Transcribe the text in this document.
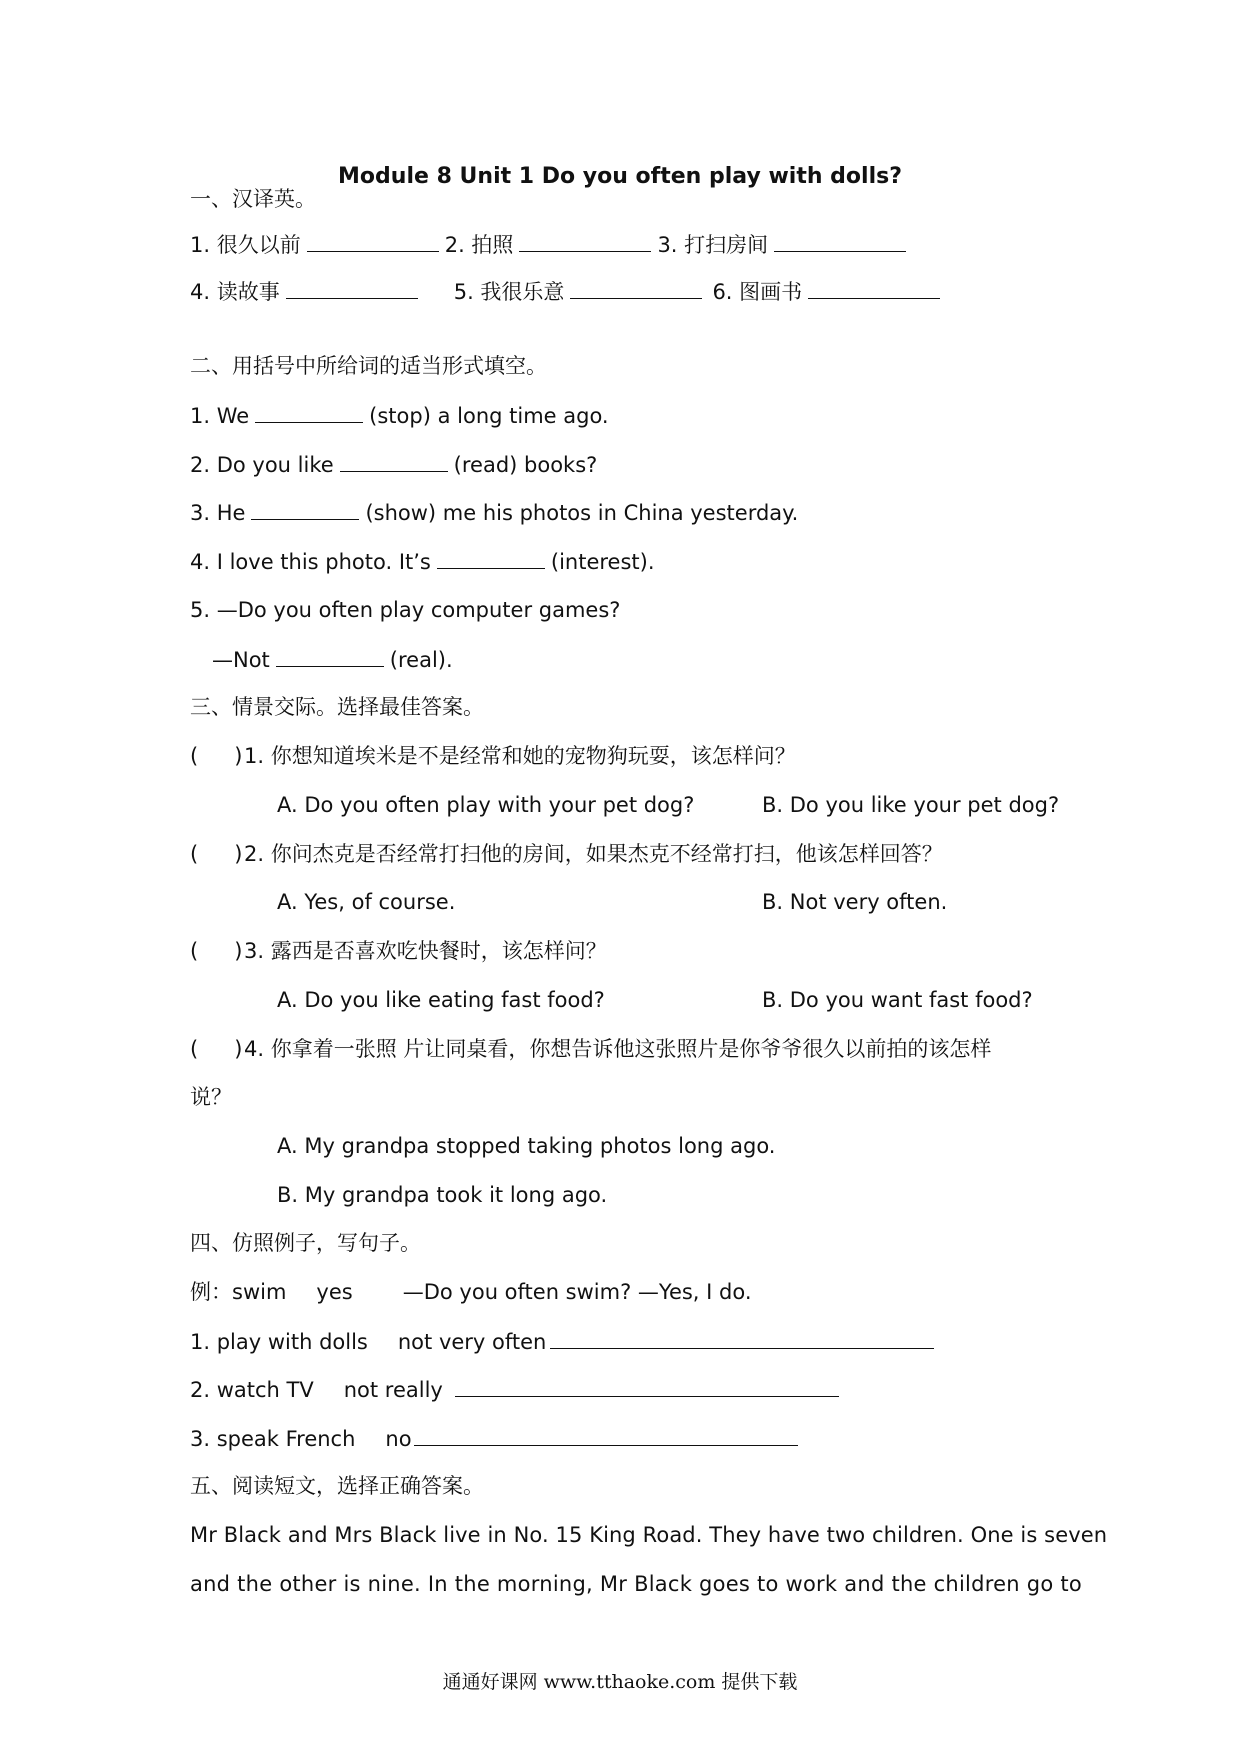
Module 8 Unit 1 Do you often play with dolls?
一、汉译英。
1. 很久以前	2. 拍照	3. 打扫房间
4. 读故事	5. 我很乐意	6. 图画书
二、用括号中所给词的适当形式填空。
1. We	(stop) a long time ago.
2. Do you like	(read) books?
3. He	(show) me his photos in China yesterday.
4. I love this photo. It’s	(interest).
5. —Do you often play computer games?
—Not	(real).
三、情景交际。选择最佳答案。
( )1. 你想知道埃米是不是经常和她的宠物狗玩耍，该怎样问？
A. Do you often play with your pet dog?	B. Do you like your pet dog?
( )2. 你问杰克是否经常打扫他的房间，如果杰克不经常打扫，他该怎样回答？
A. Yes, of course.	B. Not very often.
( )3. 露西是否喜欢吃快餐时，该怎样问？
A. Do you like eating fast food?	B. Do you want fast food?
( )4. 你拿着一张照 片让同桌看，你想告诉他这张照片是你爷爷很久以前拍的该怎样
说？
A. My grandpa stopped taking photos long ago.
B. My grandpa took it long ago.
四、仿照例子，写句子。
例：swim yes —Do you often swim? —Yes, I do.
1. play with dolls not very often
2. watch TV not really
3. speak French no
五、阅读短文，选择正确答案。
Mr Black and Mrs Black live in No. 15 King Road. They have two children. One is seven
and the other is nine. In the morning, Mr Black goes to work and the children go to
通通好课网 www.tthaoke.com 提供下载
